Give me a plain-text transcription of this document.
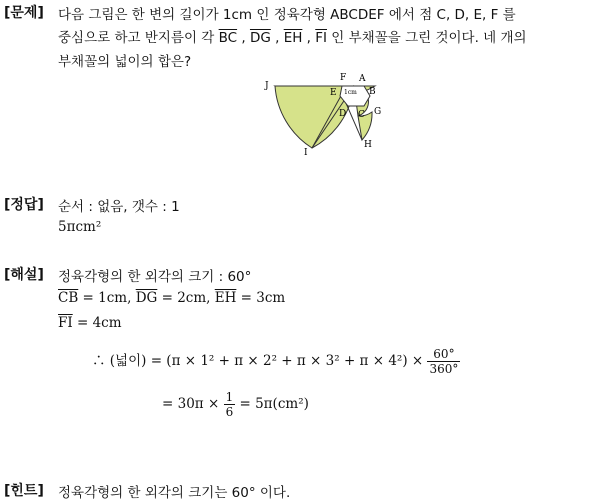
[문제] 다음 그림은 한 변의 길이가 1cm 인 정육각형 ABCDEF 에서 점 C, D, E, F 를
중심으로 하고 반지름이 각 $\overline{BC}$ , $\overline{DG}$ , $\overline{EH}$ , $\overline{FI}$ 인 부채꼴을 그린 것이다. 네 개의
부채꼴의 넓이의 합은?
J
F A
E	B
D C G
H
I
1cm
[정답] 순서 : 없음, 갯수 : 1
5πcm²
[해설] 정육각형의 한 외각의 크기 : 60°
$\overline{CB} = 1cm$, $\overline{DG} = 2cm$, $\overline{EH} = 3cm$
$\overline{FI} = 4cm$
∴ (넓이) = $(\pi \times 1^2 + \pi \times 2^2 + \pi \times 3^2 + \pi \times 4^2) \times \frac{60^\circ}{360^\circ}$
= $30\pi \times \frac{1}{6} = 5\pi(cm^2)$
[힌트] 정육각형의 한 외각의 크기는 60° 이다.
